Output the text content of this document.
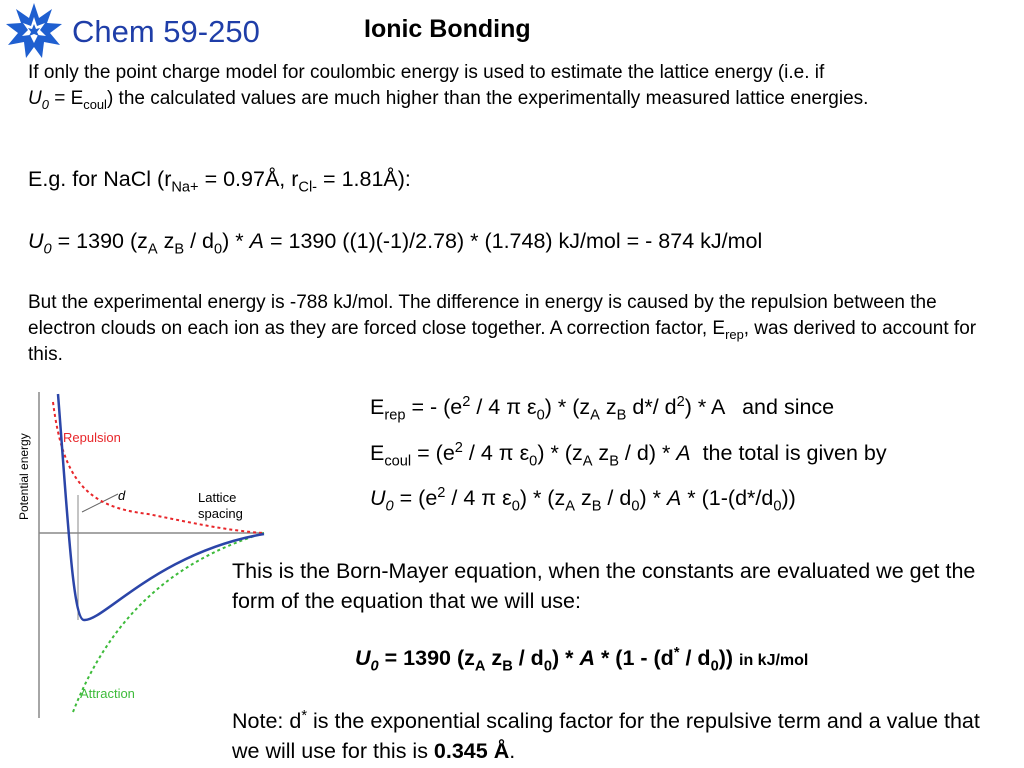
Chem 59-250	Ionic Bonding
If only the point charge model for coulombic energy is used to estimate the lattice energy (i.e. if
$U_0 = E_{coul}$) the calculated values are much higher than the experimentally measured lattice energies.
E.g. for NaCl ($r_{Na+}$ = 0.97Å, $r_{Cl-}$ = 1.81Å):
$U_0 = 1390$ ($z_A$ $z_B / d_0) * A = 1390$ ((1)(-1)/2.78) * (1.748) kJ/mol = - 874 kJ/mol
But the experimental energy is -788 kJ/mol. The difference in energy is caused by the repulsion between the electron clouds on each ion as they are forced close together. A correction factor, $E_{rep}$, was derived to account for this.
Potential energy Repulsion
Attraction
d	Lattice
spacing
$E_{rep}$ = - ($e^2 / 4$ π $\varepsilon_0) * (z_A$ $z_B$ d*/ $d^2$) * A   and since
$E_{coul} = (e^2 / 4$ π $\varepsilon_0) * (z_A$ $z_B / d$) * A  the total is given by
$U_0 = (e^2 / 4$ π $\varepsilon_0) * (z_A$ $z_B / d_0$) * A * $(1-(d*/d_0))$
This is the Born-Mayer equation, when the constants are evaluated we get the form of the equation that we will use:
$U_0 = 1390$ ($z_A$ $z_B / d_0$) * A * $(1 - (d^* / d_0))$ in kJ/mol
Note: d* is the exponential scaling factor for the repulsive term and a value that we will use for this is 0.345 Å.
